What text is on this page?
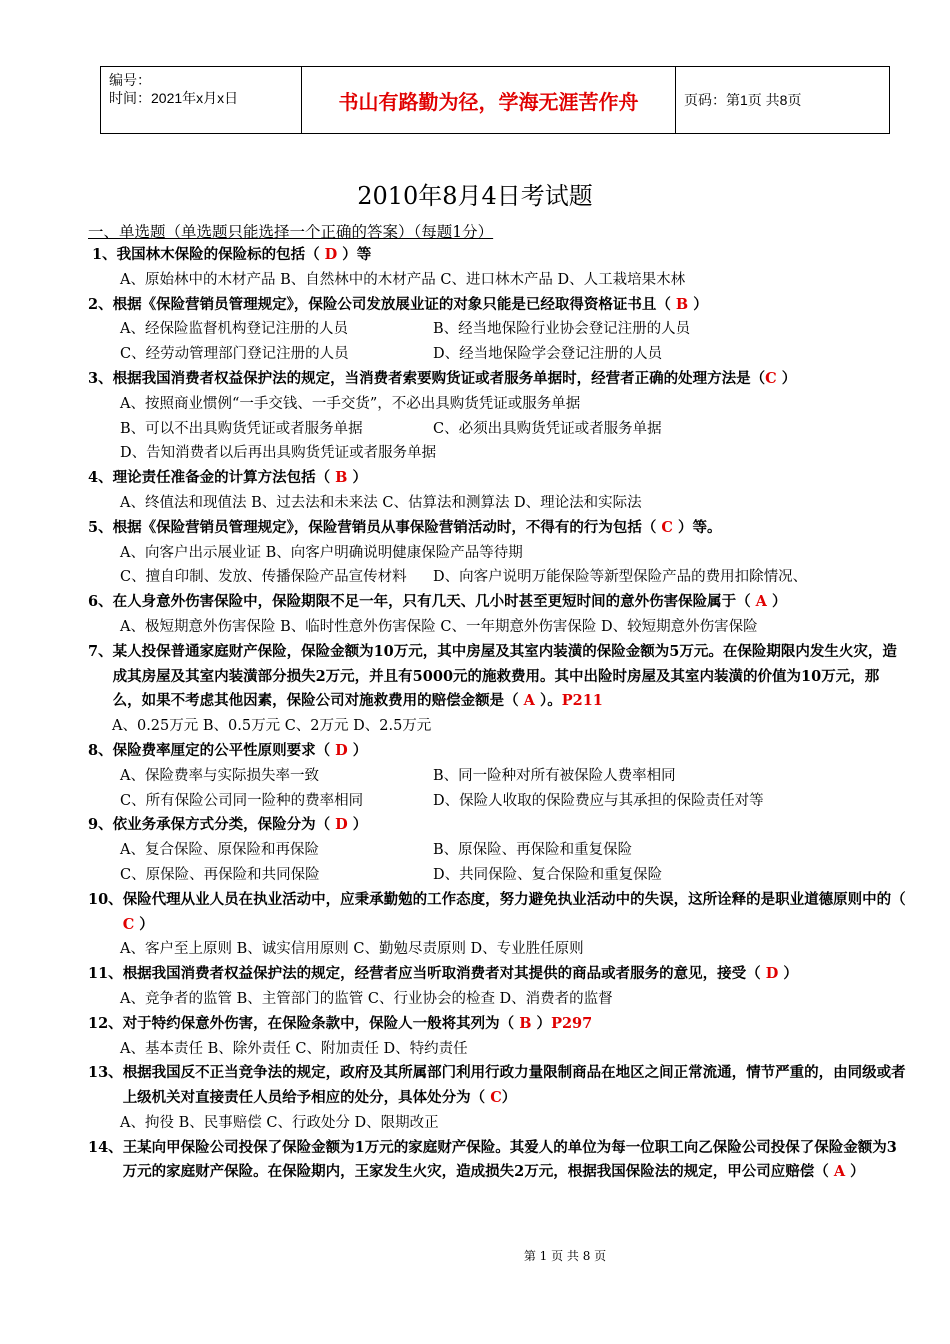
编号：
时间：2021年x月x日	书山有路勤为径，学海无涯苦作舟	页码：第1页 共8页
2010年8月4日考试题
一、单选题（单选题只能选择一个正确的答案）（每题1分）
1、 我国林木保险的保险标的包括（ D ）等
A、原始林中的木材产品 B、自然林中的木材产品 C、进口林木产品 D、人工栽培果木林
2、 根据《保险营销员管理规定》，保险公司发放展业证的对象只能是已经取得资格证书且（ B ）
A、经保险监督机构登记注册的人员	B、经当地保险行业协会登记注册的人员
C、经劳动管理部门登记注册的人员	D、经当地保险学会登记注册的人员
3、 根据我国消费者权益保护法的规定，当消费者索要购货证或者服务单据时，经营者正确的处理方法是（C ）
A、按照商业惯例“一手交钱、一手交货”，不必出具购货凭证或服务单据
B、可以不出具购货凭证或者服务单据	C、必须出具购货凭证或者服务单据
D、告知消费者以后再出具购货凭证或者服务单据
4、 理论责任准备金的计算方法包括（ B ）
A、终值法和现值法 B、过去法和未来法 C、估算法和测算法 D、理论法和实际法
5、 根据《保险营销员管理规定》，保险营销员从事保险营销活动时，不得有的行为包括（ C ）等。
A、向客户出示展业证 B、向客户明确说明健康保险产品等待期
C、擅自印制、发放、传播保险产品宣传材料 D、向客户说明万能保险等新型保险产品的费用扣除情况、
6、 在人身意外伤害保险中，保险期限不足一年，只有几天、几小时甚至更短时间的意外伤害保险属于（ A ）
A、极短期意外伤害保险 B、临时性意外伤害保险 C、一年期意外伤害保险 D、较短期意外伤害保险
7、 某人投保普通家庭财产保险，保险金额为10万元，其中房屋及其室内装潢的保险金额为5万元。在保险期限内发生火灾，造成其房屋及其室内装潢部分损失2万元，并且有5000元的施救费用。其中出险时房屋及其室内装潢的价值为10万元，那么，如果不考虑其他因素，保险公司对施救费用的赔偿金额是（ A ）。P211
A、0.25万元 B、0.5万元 C、2万元 D、2.5万元
8、 保险费率厘定的公平性原则要求（ D ）
A、保险费率与实际损失率一致	B、同一险种对所有被保险人费率相同
C、所有保险公司同一险种的费率相同	D、保险人收取的保险费应与其承担的保险责任对等
9、 依业务承保方式分类，保险分为（ D ）
A、复合保险、原保险和再保险	B、原保险、再保险和重复保险
C、原保险、再保险和共同保险	D、共同保险、复合保险和重复保险
10、 保险代理从业人员在执业活动中，应秉承勤勉的工作态度，努力避免执业活动中的失误，这所诠释的是职业道德原则中的（ C ）
A、客户至上原则 B、诚实信用原则 C、勤勉尽责原则 D、专业胜任原则
11、 根据我国消费者权益保护法的规定，经营者应当听取消费者对其提供的商品或者服务的意见，接受（ D ）
A、竞争者的监管 B、主管部门的监管 C、行业协会的检查 D、消费者的监督
12、 对于特约保意外伤害，在保险条款中，保险人一般将其列为（ B ）P297
A、基本责任 B、除外责任 C、附加责任 D、特约责任
13、 根据我国反不正当竞争法的规定，政府及其所属部门利用行政力量限制商品在地区之间正常流通，情节严重的，由同级或者上级机关对直接责任人员给予相应的处分，具体处分为（ C）
A、拘役 B、民事赔偿 C、行政处分 D、限期改正
14、 王某向甲保险公司投保了保险金额为1万元的家庭财产保险。其爱人的单位为每一位职工向乙保险公司投保了保险金额为3万元的家庭财产保险。在保险期内，王家发生火灾，造成损失2万元，根据我国保险法的规定，甲公司应赔偿（ A ）
第 1 页 共 8 页
